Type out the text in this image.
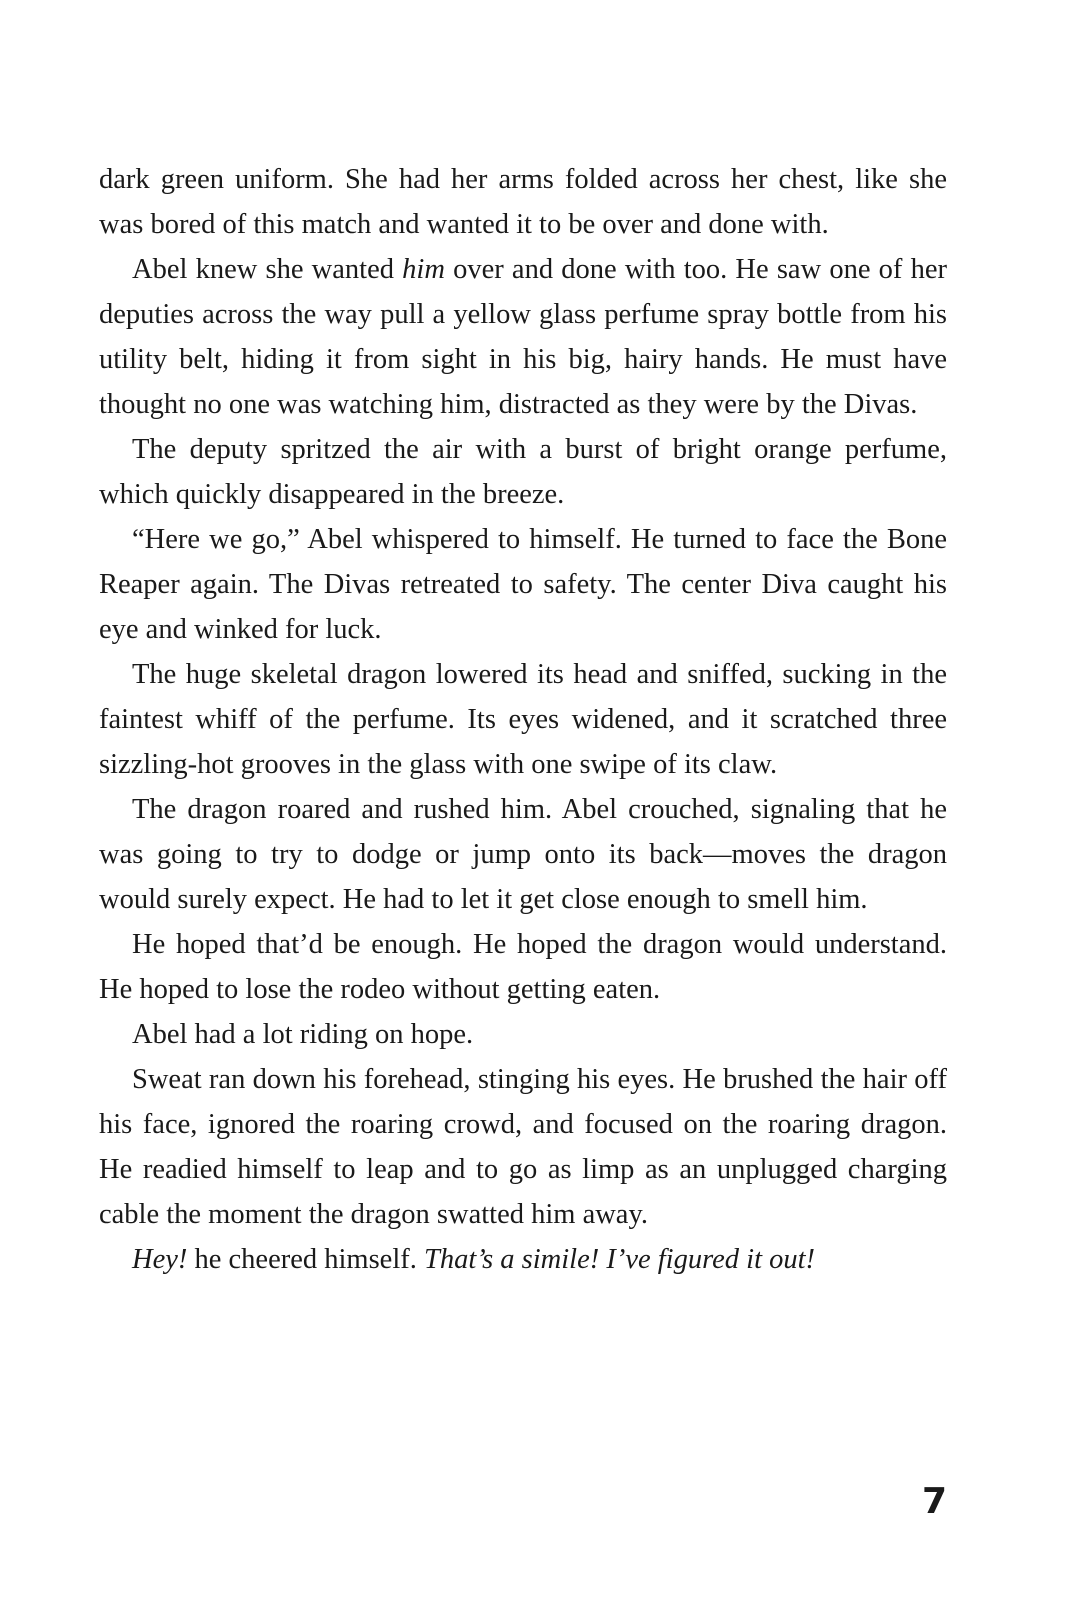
dark green uniform. She had her arms folded across her chest, like she was bored of this match and wanted it to be over and done with.

Abel knew she wanted him over and done with too. He saw one of her deputies across the way pull a yellow glass perfume spray bottle from his utility belt, hiding it from sight in his big, hairy hands. He must have thought no one was watching him, distracted as they were by the Divas.

The deputy spritzed the air with a burst of bright orange perfume, which quickly disappeared in the breeze.

“Here we go,” Abel whispered to himself. He turned to face the Bone Reaper again. The Divas retreated to safety. The center Diva caught his eye and winked for luck.

The huge skeletal dragon lowered its head and sniffed, sucking in the faintest whiff of the perfume. Its eyes widened, and it scratched three sizzling-hot grooves in the glass with one swipe of its claw.

The dragon roared and rushed him. Abel crouched, signaling that he was going to try to dodge or jump onto its back—moves the dragon would surely expect. He had to let it get close enough to smell him.

He hoped that’d be enough. He hoped the dragon would understand. He hoped to lose the rodeo without getting eaten.

Abel had a lot riding on hope.

Sweat ran down his forehead, stinging his eyes. He brushed the hair off his face, ignored the roaring crowd, and focused on the roaring dragon. He readied himself to leap and to go as limp as an unplugged charging cable the moment the dragon swatted him away.

Hey! he cheered himself. That’s a simile! I’ve figured it out!

7
